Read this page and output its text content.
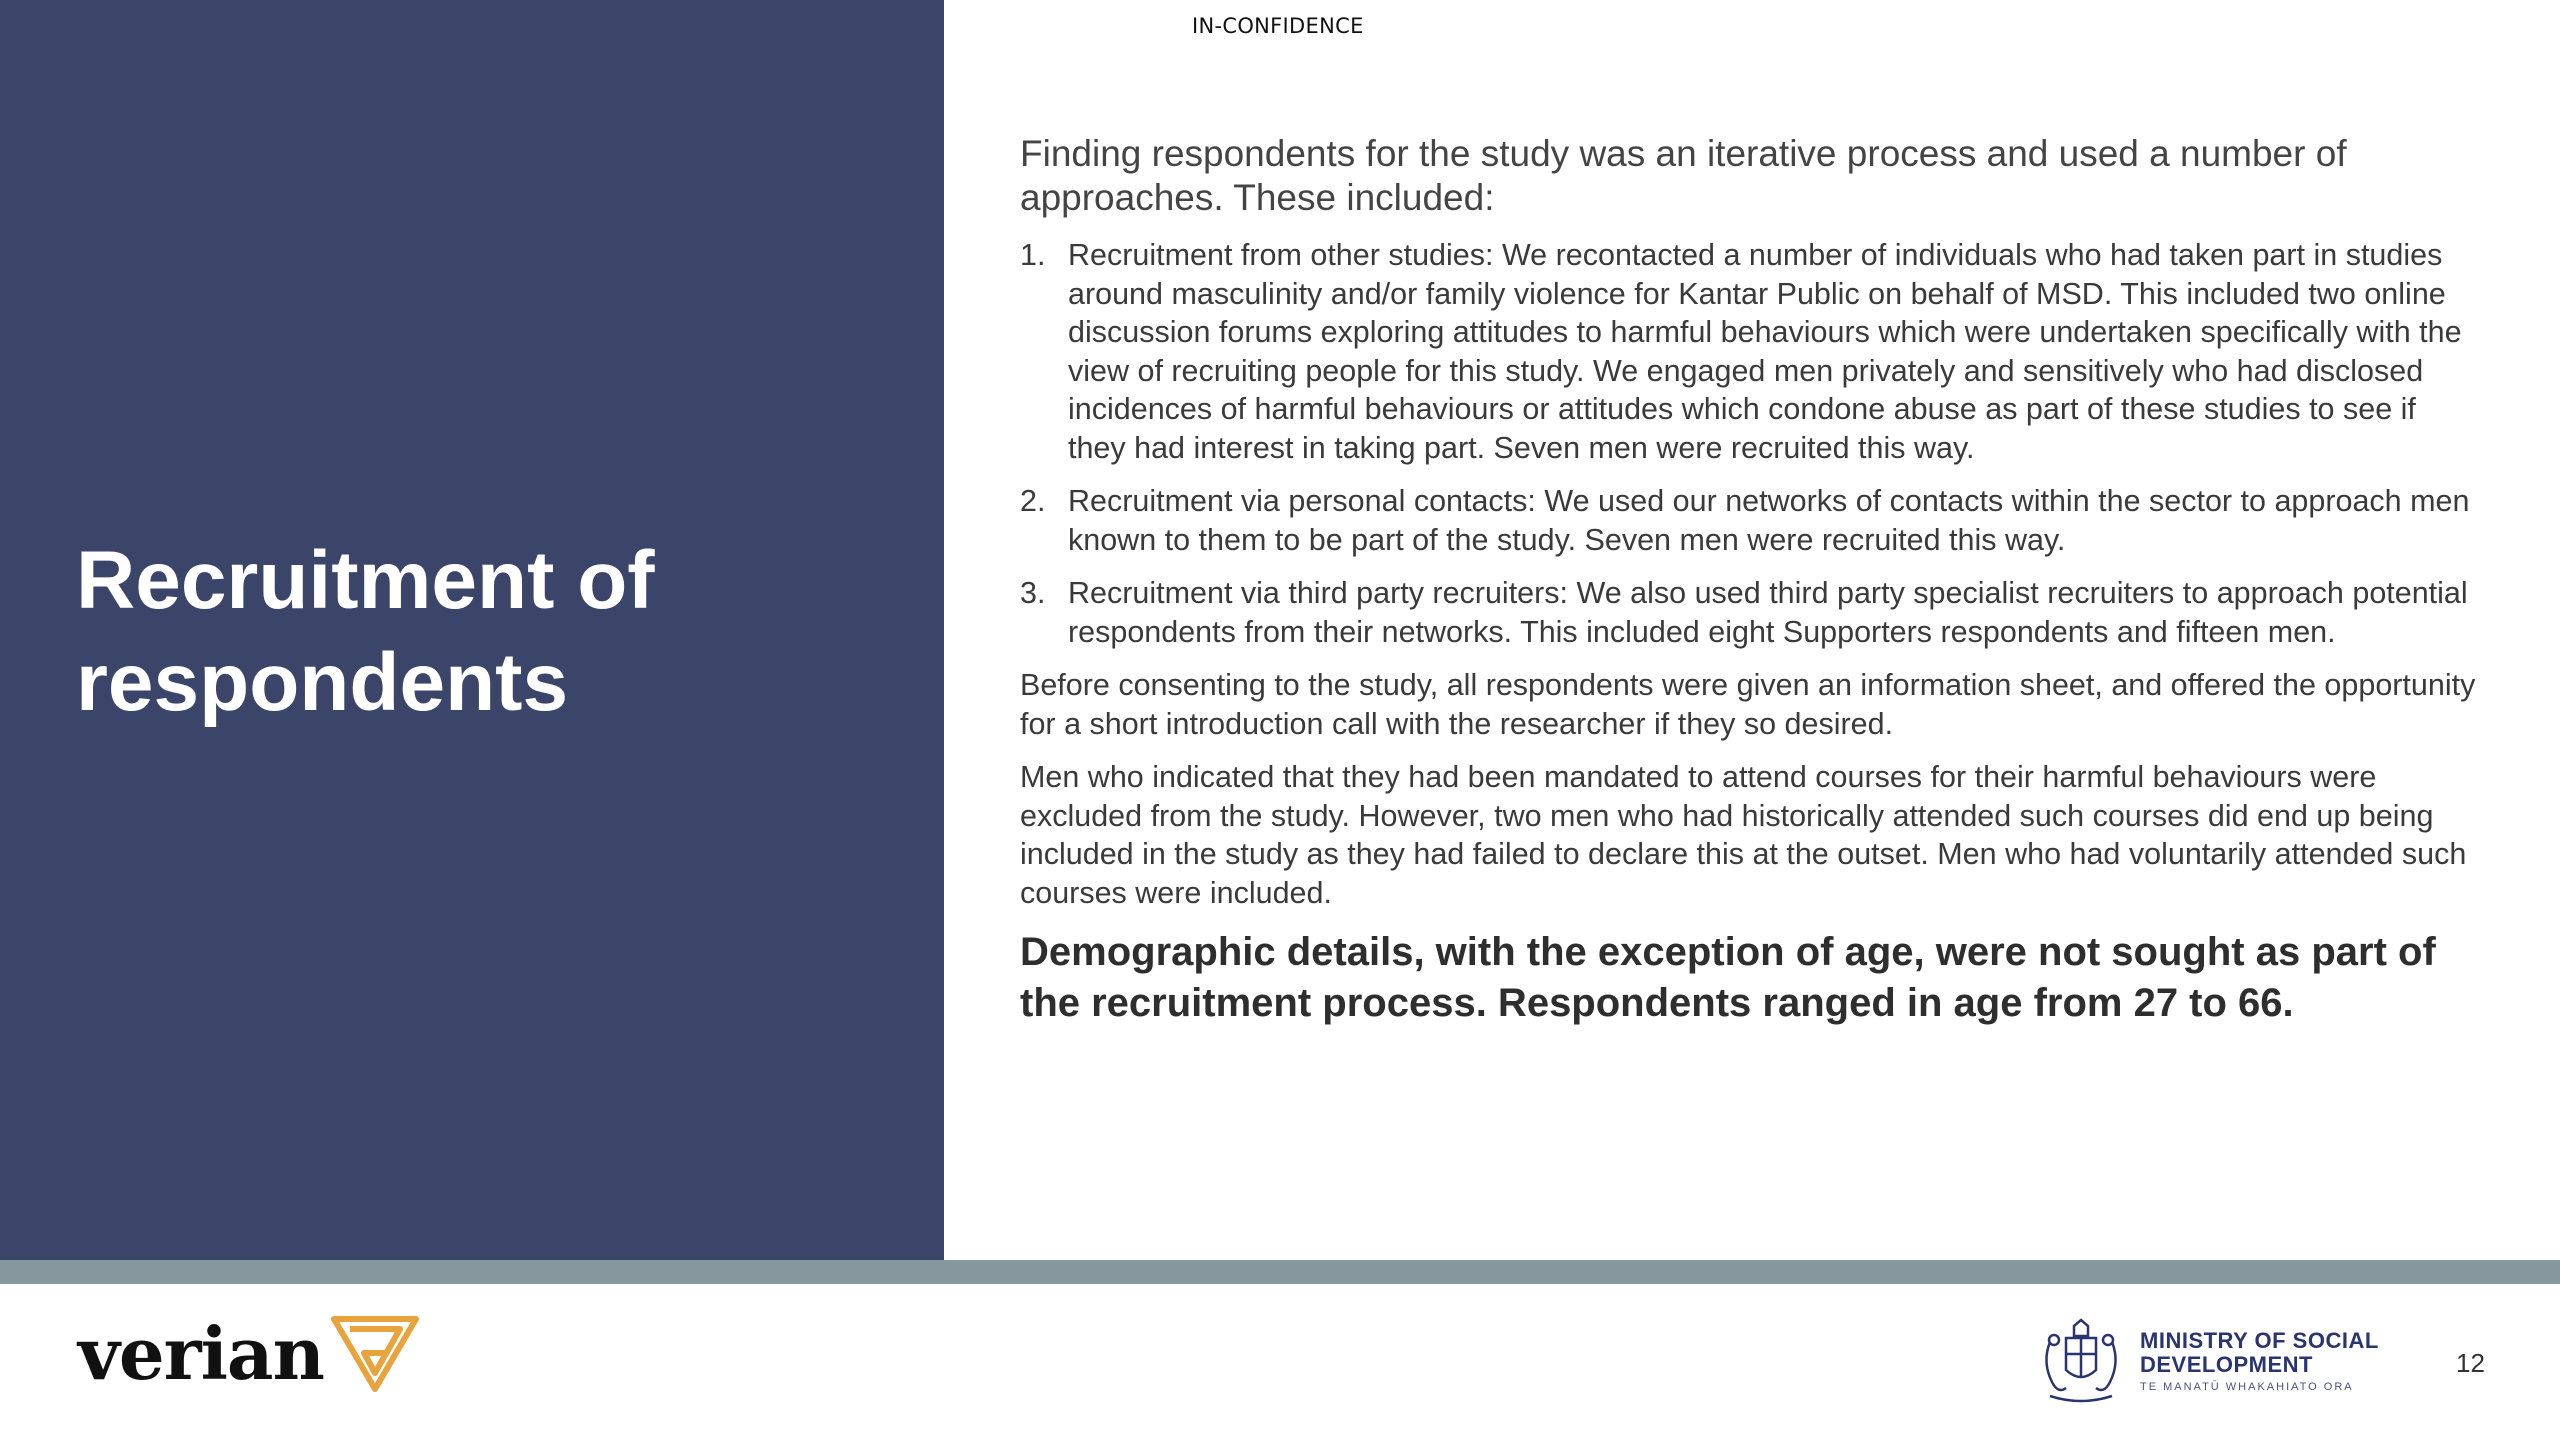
Recruitment of respondents
IN-CONFIDENCE

Finding respondents for the study was an iterative process and used a number of approaches. These included:

1. Recruitment from other studies: We recontacted a number of individuals who had taken part in studies around masculinity and/or family violence for Kantar Public on behalf of MSD. This included two online discussion forums exploring attitudes to harmful behaviours which were undertaken specifically with the view of recruiting people for this study. We engaged men privately and sensitively who had disclosed incidences of harmful behaviours or attitudes which condone abuse as part of these studies to see if they had interest in taking part. Seven men were recruited this way.
2. Recruitment via personal contacts: We used our networks of contacts within the sector to approach men known to them to be part of the study. Seven men were recruited this way.
3. Recruitment via third party recruiters: We also used third party specialist recruiters to approach potential respondents from their networks. This included eight Supporters respondents and fifteen men.

Before consenting to the study, all respondents were given an information sheet, and offered the opportunity for a short introduction call with the researcher if they so desired.

Men who indicated that they had been mandated to attend courses for their harmful behaviours were excluded from the study. However, two men who had historically attended such courses did end up being included in the study as they had failed to declare this at the outset. Men who had voluntarily attended such courses were included.

Demographic details, with the exception of age, were not sought as part of the recruitment process. Respondents ranged in age from 27 to 66.

verian	MINISTRY OF SOCIAL DEVELOPMENT
TE MANATŪ WHAKAHIATO ORA
12
